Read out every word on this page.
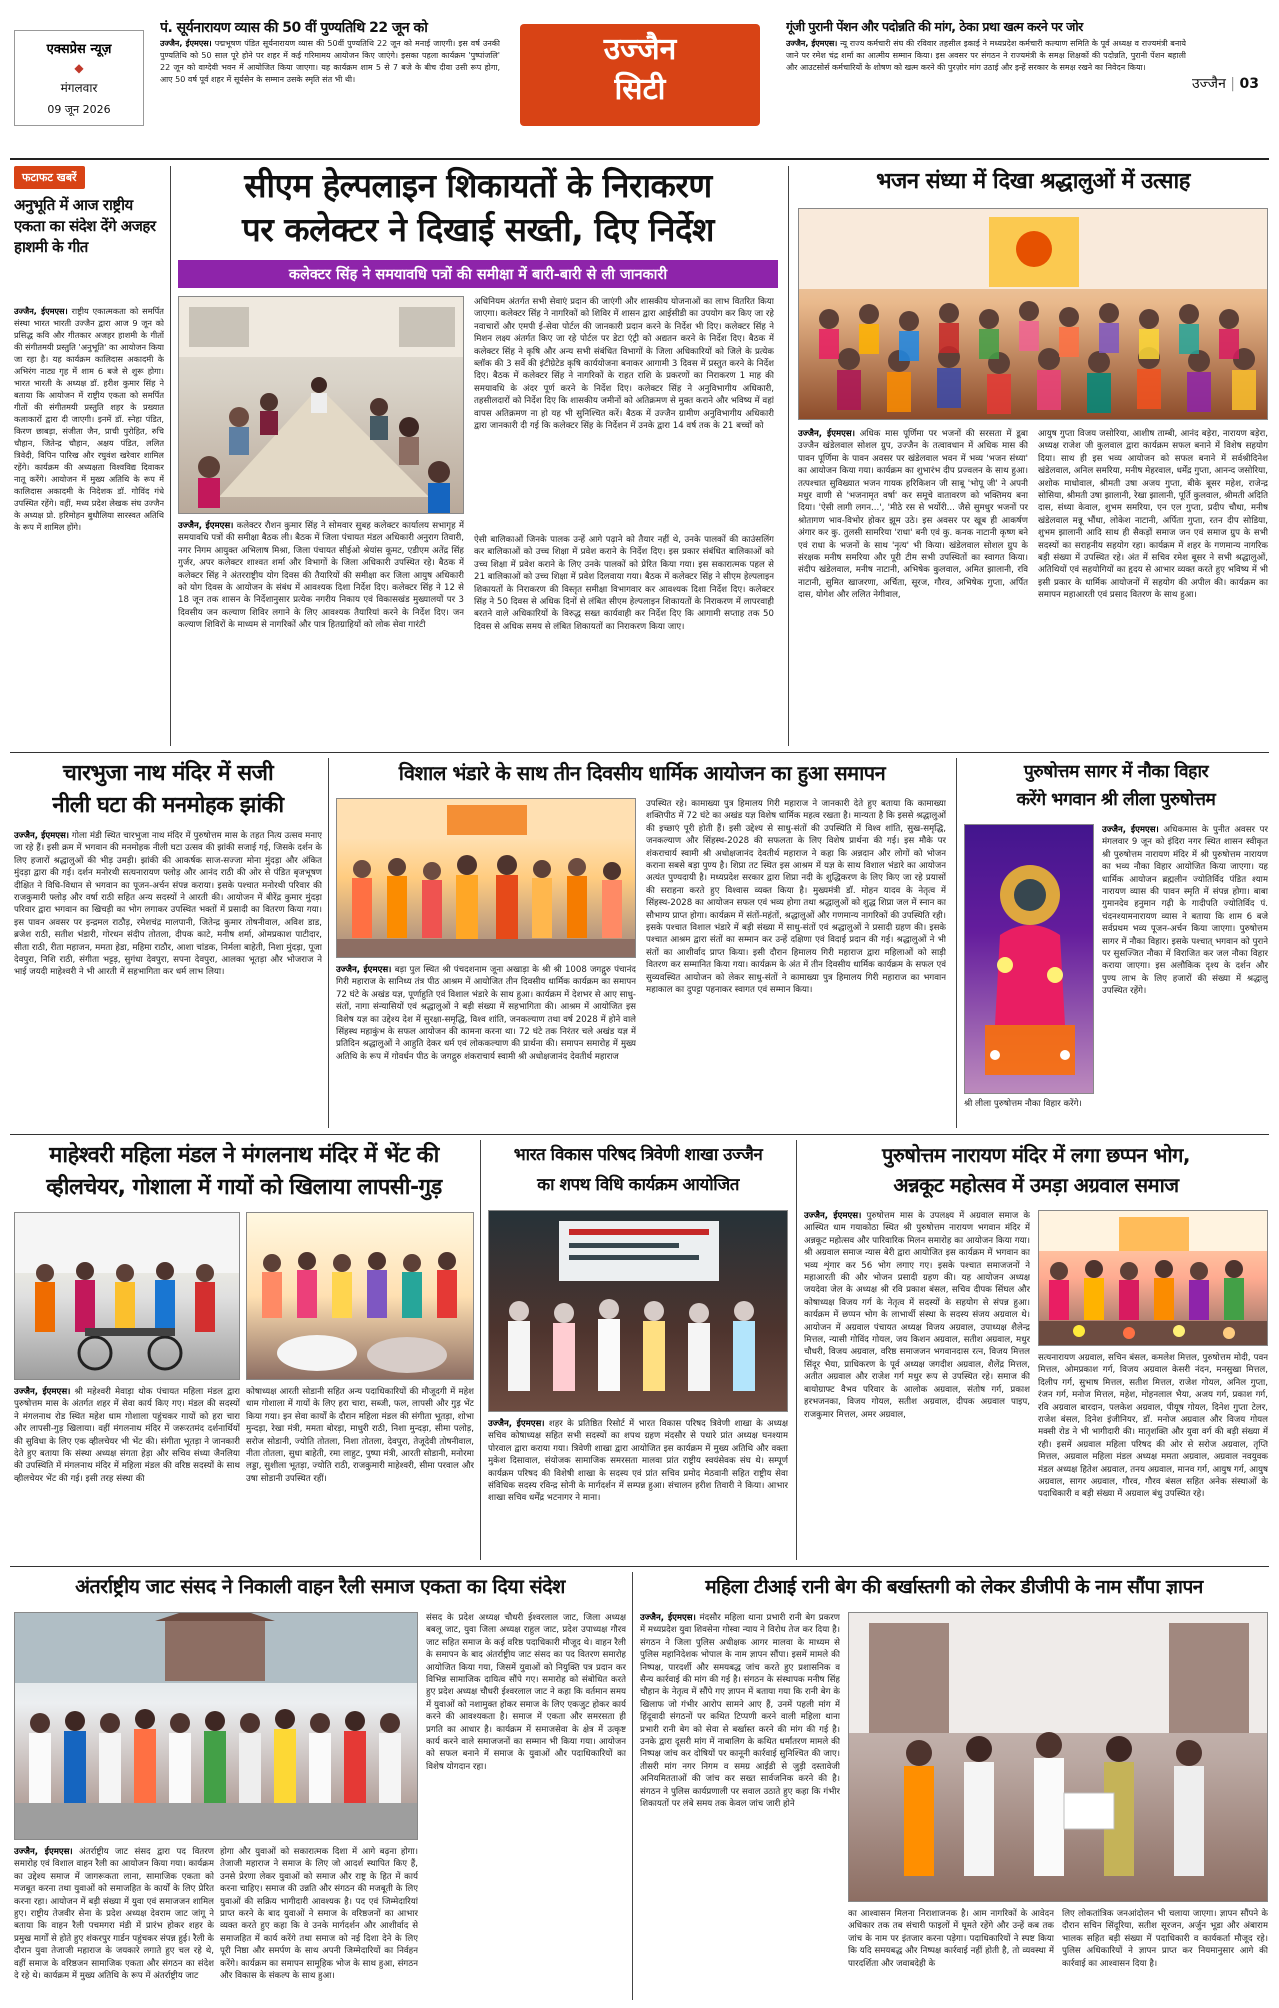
एक्सप्रेस न्यूज़
◆
मंगलवार
09 जून 2026
पं. सूर्यनारायण व्यास की 50 वीं पुण्यतिथि 22 जून को
उज्जैन, ईएमएस। पद्मभूषण पंडित सूर्यनारायण व्यास की 50वीं पुण्यतिथि 22 जून को मनाई जाएगी। इस वर्ष उनकी पुण्यतिथि को 50 साल पूरे होने पर शहर में कई गरिमामय आयोजन किए जाएंगे। इसका पहला कार्यक्रम 'पुष्पांजलि' 22 जून को वाग्देवी भवन में आयोजित किया जाएगा। यह कार्यक्रम शाम 5 से 7 बजे के बीच दीवा उसी रूप होगा, आए 50 वर्ष पूर्व शहर में सूर्यसेन के सम्मान उसके स्मृति संत भी थी।
उज्जैन
सिटी
गूंजी पुरानी पेंशन और पदोन्नति की मांग, ठेका प्रथा खत्म करने पर जोर
उज्जैन, ईएमएस। न्यू राज्य कर्मचारी संघ की रविवार तहसील इकाई ने मध्यप्रदेश कर्मचारी कल्याण समिति के पूर्व अध्यक्ष व राज्यमंत्री बनाये जाने पर रमेश चंद्र शर्मा का आत्मीय सम्मान किया। इस अवसर पर संगठन ने राज्यमंत्री के समक्ष शिक्षकों की पदोन्नति, पुरानी पेंशन बहाली और आउटसोर्स कर्मचारियों के शोषण को खत्म करने की पुरज़ोर मांग उठाई और इन्हें सरकार के समक्ष रखने का निवेदन किया।
उज्जैन | 03
फटाफट खबरें
अनुभूति में आज राष्ट्रीय एकता का संदेश देंगे अजहर हाशमी के गीत
उज्जैन, ईएमएस। राष्ट्रीय एकात्मकता को समर्पित संस्था भारत भारती उज्जैन द्वारा आज 9 जून को प्रसिद्ध कवि और गीतकार अजहर हाशमी के गीतों की संगीतमयी प्रस्तुति 'अनुभूति' का आयोजन किया जा रहा है। यह कार्यक्रम कालिदास अकादमी के अभिरंग नाट्य गृह में शाम 6 बजे से शुरू होगा। भारत भारती के अध्यक्ष डॉ. हरीश कुमार सिंह ने बताया कि आयोजन में राष्ट्रीय एकता को समर्पित गीतों की संगीतमयी प्रस्तुति शहर के प्रख्यात कलाकारों द्वारा दी जाएगी। इनमें डॉ. स्नेहा पंडित, किरण छाबड़ा, संजीता जैन, प्राची पुरोहित, रुचि चौहान, जितेन्द्र चौहान, अक्षय पंडित, ललित त्रिवेदी, विपिन पारिख और रघुवंश खरेवार शामिल रहेंगे। कार्यक्रम की अध्यक्षता विश्वविद्य दिवाकर नातू करेंगे। आयोजन में मुख्य अतिथि के रूप में कालिदास अकादमी के निदेशक डॉ. गोविंद गंधे उपस्थित रहेंगे। वहीं, मध्य प्रदेश लेखक संघ उज्जैन के अध्यक्ष प्रो. हरिमोहन बुधौलिया सारस्वत अतिथि के रूप में शामिल होंगे।
सीएम हेल्पलाइन शिकायतों के निराकरण
पर कलेक्टर ने दिखाई सख्ती, दिए निर्देश
कलेक्टर सिंह ने समयावधि पत्रों की समीक्षा में बारी-बारी से ली जानकारी
उज्जैन, ईएमएस। कलेक्टर रौशन कुमार सिंह ने सोमवार सुबह कलेक्टर कार्यालय सभागृह में समयावधि पत्रों की समीक्षा बैठक ली। बैठक में जिला पंचायत मंडल अधिकारी अनुराग तिवारी, नगर निगम आयुक्त अभिलाष मिश्रा, जिला पंचायत सीईओ श्रेयांस कूमट, एडीएम अतेंद्र सिंह गुर्जर, अपर कलेक्टर शाश्वत शर्मा और विभागों के जिला अधिकारी उपस्थित रहे। बैठक में कलेक्टर सिंह ने अंतरराष्ट्रीय योग दिवस की तैयारियों की समीक्षा कर जिला आयुष अधिकारी को योग दिवस के आयोजन के संबंध में आवश्यक दिशा निर्देश दिए। कलेक्टर सिंह ने 12 से 18 जून तक शासन के निर्देशानुसार प्रत्येक नगरीय निकाय एवं विकासखंड मुख्यालयों पर 3 दिवसीय जन कल्याण शिविर लगाने के लिए आवश्यक तैयारियां करने के निर्देश दिए। जन कल्याण शिविरों के माध्यम से नागरिकों और पात्र हितग्राहियों को लोक सेवा गारंटी
अधिनियम अंतर्गत सभी सेवाएं प्रदान की जाएंगी और शासकीय योजनाओं का लाभ वितरित किया जाएगा। कलेक्टर सिंह ने नागरिकों को शिविर में शासन द्वारा आईसीडी का उपयोग कर किए जा रहे नवाचारों और एमपी ई-सेवा पोर्टल की जानकारी प्रदान करने के निर्देश भी दिए। कलेक्टर सिंह ने मिशन लक्ष्य अंतर्गत किए जा रहे पोर्टल पर डेटा एंट्री को अद्यतन करने के निर्देश दिए। बैठक में कलेक्टर सिंह ने कृषि और अन्य सभी संबंधित विभागों के जिला अधिकारियों को जिले के प्रत्येक ब्लॉक की 3 सर्वे की इंटीग्रेटेड कृषि कार्ययोजना बनाकर आगामी 3 दिवस में प्रस्तुत करने के निर्देश दिए। बैठक में कलेक्टर सिंह ने नागरिकों के राहत राशि के प्रकरणों का निराकरण 1 माह की समयावधि के अंदर पूर्ण करने के निर्देश दिए। कलेक्टर सिंह ने अनुविभागीय अधिकारी, तहसीलदारों को निर्देश दिए कि शासकीय जमीनों को अतिक्रमण से मुक्त कराने और भविष्य में वहां वापस अतिक्रमण ना हो यह भी सुनिश्चित करें। बैठक में उज्जैन ग्रामीण अनुविभागीय अधिकारी द्वारा जानकारी दी गई कि कलेक्टर सिंह के निर्देशन में उनके द्वारा 14 वर्ष तक के 21 बच्चों को
ऐसी बालिकाओं जिनके पालक उन्हें आगे पढ़ाने को तैयार नहीं थे, उनके पालकों की काउंसलिंग कर बालिकाओं को उच्च शिक्षा में प्रवेश कराने के निर्देश दिए। इस प्रकार संबंधित बालिकाओं को उच्च शिक्षा में प्रवेश कराने के लिए उनके पालकों को प्रेरित किया गया। इस सकारात्मक पहल से 21 बालिकाओं को उच्च शिक्षा में प्रवेश दिलवाया गया। बैठक में कलेक्टर सिंह ने सीएम हेल्पलाइन शिकायतों के निराकरण की विस्तृत समीक्षा विभागवार कर आवश्यक दिशा निर्देश दिए। कलेक्टर सिंह ने 50 दिवस से अधिक दिनों से लंबित सीएम हेल्पलाइन शिकायतों के निराकरण में लापरवाही बरतने वाले अधिकारियों के विरुद्ध सख्त कार्यवाही कर निर्देश दिए कि आगामी सप्ताह तक 50 दिवस से अधिक समय से लंबित शिकायतों का निराकरण किया जाए।
भजन संध्या में दिखा श्रद्धालुओं में उत्साह
उज्जैन, ईएमएस। अधिक मास पूर्णिमा पर भजनों की सरसता में डूबा उज्जैन खंडेलवाल सोशल ग्रुप, उज्जैन के तत्वावधान में अधिक मास की पावन पूर्णिमा के पावन अवसर पर खंडेलवाल भवन में भव्य 'भजन संध्या' का आयोजन किया गया। कार्यक्रम का शुभारंभ दीप प्रज्वलन के साथ हुआ। तत्पश्चात सुविख्यात भजन गायक हरिकिशन जी साबू 'भोपू जी' ने अपनी मधुर वाणी से 'भजनामृत वर्षा' कर समूचे वातावरण को भक्तिमय बना दिया। 'ऐसी लागी लगन...', 'मीठे रस से भर्योरी... जैसे सुमधुर भजनों पर श्रोतागण भाव-विभोर होकर झूम उठे। इस अवसर पर खूब ही आकर्षण अंगार कर कु. तुलसी सामरिया 'राधा' बनी एवं कु. कनक नाटानी कृष्ण बने एवं राधा के भजनों के साथ 'नृत्य' भी किया। खंडेलवाल सोशल ग्रुप के संरक्षक मनीष समरिया और पूरी टीम सभी उपस्थितों का स्वागत किया। संदीप खंडेलवाल, मनीष नाटानी, अभिषेक कुलवाल, अमित झालानी, रवि नाटानी, सुमित खाजरणा, अर्चिता, सूरज, गौरव, अभिषेक गुप्ता, अर्पित दास, योगेश और ललित नेगीवाल,
आयुष गुप्ता विजय जसोरिया, आशीष ताम्बी, आनंद बड़ेरा, नारायण बड़ेरा, अध्यक्ष राजेश जी कुलवाल द्वारा कार्यक्रम सफल बनाने में विशेष सहयोग दिया। साथ ही इस भव्य आयोजन को सफल बनाने में सर्वश्रीदिनेश खंडेलवाल, अनिल समरिया, मनीष मेहरवाल, धर्मेंद्र गुप्ता, आनन्द जसोरिया, अशोक माधोवाल, श्रीमती उषा अजय गुप्ता, बीके बूसर महेश, राजेन्द्र सोसिया, श्रीमती उषा झालानी, रेखा झालानी, पूर्ति कुलवाल, श्रीमती अदिति दास, संध्या केवाल, शुभम समरिया, एन एल गुप्ता, प्रदीप चौधा, मनीष खंडेलवाल मन्नू भौंधा, लोकेश नाटानी, अर्पिता गुप्ता, रतन दीप सोडिया, शुभम झालानी आदि साथ ही सैकड़ों समाज जन एवं समाज ग्रुप के सभी सदस्यों का सराहनीय सहयोग रहा। कार्यक्रम में शहर के गणमान्य नागरिक बड़ी संख्या में उपस्थित रहे। अंत में सचिव रमेश बूसर ने सभी श्रद्धालुओं, अतिथियों एवं सहयोगियों का हृदय से आभार व्यक्त करते हुए भविष्य में भी इसी प्रकार के धार्मिक आयोजनों में सहयोग की अपील की। कार्यक्रम का समापन महाआरती एवं प्रसाद वितरण के साथ हुआ।
चारभुजा नाथ मंदिर में सजी
नीली घटा की मनमोहक झांकी
उज्जैन, ईएमएस। गोला मंडी स्थित चारभुजा नाथ मंदिर में पुरुषोत्तम मास के तहत नित्य उत्सव मनाए जा रहे हैं। इसी क्रम में भगवान की मनमोहक नीली घटा उत्सव की झांकी सजाई गई, जिसके दर्शन के लिए हजारों श्रद्धालुओं की भीड़ उमड़ी। झांकी की आकर्षक साज-सज्जा मोना मुंदड़ा और अंकित मुंदड़ा द्वारा की गई। दर्शन मनोरथी सत्यनारायण फ्लोड़ और आनंद राठी की ओर से पंडित बृजभूषण दीक्षित ने विधि-विधान से भगवान का पूजन-अर्चन संपन्न कराया। इसके पश्चात मनोरथी परिवार की राजकुमारी फ्लोड़ और वर्षा राठी सहित अन्य सदस्यों ने आरती की। आयोजन में बीरेंद्र कुमार मुंदड़ा परिवार द्वारा भगवान का खिचड़ी का भोग लगाकर उपस्थित भक्तों में प्रसादी का वितरण किया गया। इस पावन अवसर पर इन्द्रमल राठौड़, रमेशचंद्र मालपानी, जितेन्द्र कुमार तोषनीवाल, अविश डाड, ब्रजेश राठी, सतीश भंडारी, गोरधन संदीप तोतला, दीपक काटे, मनीष शर्मा, ओमप्रकाश पाटीदार, सीता राठी, रीता महाजन, ममता हेडा, महिमा राठौर, आशा चांडक, निर्मला बाहेती, निशा मुंदड़ा, पूजा देवपुरा, निशि राठी, संगीता भट्टड़, सुगंधा देवपुरा, सपना देवपुरा, आलका भूतड़ा और भोजराज ने भाई जयदी माहेश्वरी ने भी आरती में सहभागिता कर धर्म लाभ लिया।
विशाल भंडारे के साथ तीन दिवसीय धार्मिक आयोजन का हुआ समापन
उज्जैन, ईएमएस। बड़ा पुल स्थित श्री पंचदशनाम जूना अखाड़ा के श्री श्री 1008 जगद्गुरु पंचानंद गिरी महाराज के सानिध्य तंत्र पीठ आश्रम में आयोजित तीन दिवसीय धार्मिक कार्यक्रम का समापन 72 घंटे के अखंड यज्ञ, पूर्णाहुति एवं विशाल भंडारे के साथ हुआ। कार्यक्रम में देशभर से आए साधु-संतों, नागा संन्यासियों एवं श्रद्धालुओं ने बड़ी संख्या में सहभागिता की। आश्रम में आयोजित इस विशेष यज्ञ का उद्देश्य देश में सुरक्षा-समृद्धि, विश्व शांति, जनकल्याण तथा वर्ष 2028 में होने वाले सिंहस्थ महाकुंभ के सफल आयोजन की कामना करना था। 72 घंटे तक निरंतर चले अखंड यज्ञ में प्रतिदिन श्रद्धालुओं ने आहुति देकर धर्म एवं लोककल्याण की प्रार्थना की। समापन समारोह में मुख्य अतिथि के रूप में गोवर्धन पीठ के जगद्गुरु शंकराचार्य स्वामी श्री अधोक्षजानंद देवतीर्थ महाराज
उपस्थित रहे। कामाख्या पुत्र हिमालय गिरी महाराज ने जानकारी देते हुए बताया कि कामाख्या शक्तिपीठ में 72 घंटे का अखंड यज्ञ विशेष धार्मिक महत्व रखता है। मान्यता है कि इससे श्रद्धालुओं की इच्छाएं पूरी होती हैं। इसी उद्देश्य से साधु-संतों की उपस्थिति में विश्व शांति, सुख-समृद्धि, जनकल्याण और सिंहस्थ-2028 की सफलता के लिए विशेष प्रार्थना की गई। इस मौके पर शंकराचार्य स्वामी श्री अधोक्षजानंद देवतीर्थ महाराज ने कहा कि अन्नदान और लोगों को भोजन कराना सबसे बड़ा पुण्य है। शिप्रा तट स्थित इस आश्रम में यज्ञ के साथ विशाल भंडारे का आयोजन अत्यंत पुण्यदायी है। मध्यप्रदेश सरकार द्वारा शिप्रा नदी के शुद्धिकरण के लिए किए जा रहे प्रयासों की सराहना करते हुए विश्वास व्यक्त किया है। मुख्यमंत्री डॉ. मोहन यादव के नेतृत्व में सिंहस्थ-2028 का आयोजन सफल एवं भव्य होगा तथा श्रद्धालुओं को शुद्ध शिप्रा जल में स्नान का सौभाग्य प्राप्त होगा। कार्यक्रम में संतों-महंतों, श्रद्धालुओं और गणमान्य नागरिकों की उपस्थिति रही। इसके पश्चात विशाल भंडारे में बड़ी संख्या में साधु-संतों एवं श्रद्धालुओं ने प्रसादी ग्रहण की। इसके पश्चात आश्रम द्वारा संतों का सम्मान कर उन्हें दक्षिणा एवं विदाई प्रदान की गई। श्रद्धालुओं ने भी संतों का आशीर्वाद प्राप्त किया। इसी दौरान हिमालय गिरी महाराज द्वारा महिलाओं को साड़ी वितरण कर सम्मानित किया गया। कार्यक्रम के अंत में तीन दिवसीय धार्मिक कार्यक्रम के सफल एवं सुव्यवस्थित आयोजन को लेकर साधु-संतों ने कामाख्या पुत्र हिमालय गिरी महाराज का भगवान महाकाल का दुपट्टा पहनाकर स्वागत एवं सम्मान किया।
पुरुषोत्तम सागर में नौका विहार
करेंगे भगवान श्री लीला पुरुषोत्तम
उज्जैन, ईएमएस। अधिकमास के पुनीत अवसर पर मंगलवार 9 जून को इंदिरा नगर स्थित शासन स्वीकृत श्री पुरुषोत्तम नारायण मंदिर में श्री पुरुषोत्तम नारायण का भव्य नौका विहार आयोजित किया जाएगा। यह धार्मिक आयोजन ब्रह्मलीन ज्योतिर्विद पंडित श्याम नारायण व्यास की पावन स्मृति में संपन्न होगा। बाबा गुमानदेव हनुमान गढ़ी के गादीपति ज्योतिर्विद पं. चंदनश्यामनारायण व्यास ने बताया कि शाम 6 बजे सर्वप्रथम भव्य पूजन-अर्चन किया जाएगा। पुरुषोत्तम सागर में नौका विहार। इसके पश्चात् भगवान को पुराने पर सुसज्जित नौका में विराजित कर जल नौका विहार कराया जाएगा। इस अलौकिक दृश्य के दर्शन और पुण्य लाभ के लिए हजारों की संख्या में श्रद्धालु उपस्थित रहेंगे।
श्री लीला पुरुषोत्तम नौका विहार करेंगे।
माहेश्वरी महिला मंडल ने मंगलनाथ मंदिर में भेंट की
व्हीलचेयर, गोशाला में गायों को खिलाया लापसी-गुड़
उज्जैन, ईएमएस। श्री महेश्वरी मेवाड़ा थोक पंचायत महिला मंडल द्वारा पुरुषोत्तम मास के अंतर्गत शहर में सेवा कार्य किए गए। मंडल की सदस्यों ने मंगलनाथ रोड स्थित महेश धाम गोशाला पहुंचकर गायों को हरा चारा और लापसी-गुड़ खिलाया। वहीं मंगलनाथ मंदिर में जरूरतमंद दर्शनार्थियों की सुविधा के लिए एक व्हीलचेयर भी भेंट की। संगीता भूतड़ा ने जानकारी देते हुए बताया कि संस्था अध्यक्ष संगता हेड़ा और सचिव संध्या जैनलिया की उपस्थिति में मंगलनाथ मंदिर में महिला मंडल की वरिष्ठ सदस्यों के साथ व्हीलचेयर भेंट की गई। इसी तरह संस्था की
कोषाध्यक्ष आरती सोडानी सहित अन्य पदाधिकारियों की मौजूदगी में महेश धाम गोशाला में गायों के लिए हरा चारा, सब्जी, फल, लापसी और गुड़ भेंट किया गया। इन सेवा कार्यों के दौरान महिला मंडल की संगीता भूतड़ा, शोभा मुन्दड़ा, रेखा मंत्री, ममता बोरड़ा, माधुरी राठी, निशा मुन्दड़ा, सीमा पलोड़, सरोज सोडानी, ज्योति तोतला, निशा तोतला, देवपुरा, तेजूदेवी तोषनीवाल, नीता तोतला, सुधा बाहेती, रमा लाहुट, पुष्पा मंत्री, आरती सोडानी, मनोरमा लड्डा, सुशीला भूतड़ा, ज्योति राठी, राजकुमारी माहेश्वरी, सीमा परवाल और उषा सोडानी उपस्थित रहीं।
भारत विकास परिषद त्रिवेणी शाखा उज्जैन
का शपथ विधि कार्यक्रम आयोजित
उज्जैन, ईएमएस। शहर के प्रतिष्ठित रिसोर्ट में भारत विकास परिषद त्रिवेणी शाखा के अध्यक्ष सचिव कोषाध्यक्ष सहित सभी सदस्यों का शपथ ग्रहण मंदसौर से पधारे प्रांत अध्यक्ष घनश्याम पोरवाल द्वारा कराया गया। त्रिवेणी शाखा द्वारा आयोजित इस कार्यक्रम में मुख्य अतिथि और वक्ता मुकेश दिसावाल, संयोजक सामाजिक समरसता मालवा प्रांत राष्ट्रीय स्वयंसेवक संघ थे। सम्पूर्ण कार्यक्रम परिषद की विशेषी शाखा के सदस्य एवं प्रांत सचिव प्रमोद मेठवानी सहित राष्ट्रीय सेवा संविधिक सदस्य रविन्द्र सोनी के मार्गदर्शन में सम्पन्न हुआ। संचालन हरीश तिवारी ने किया। आभार शाखा सचिव धर्मेंद्र भटनागर ने माना।
पुरुषोत्तम नारायण मंदिर में लगा छप्पन भोग,
अन्नकूट महोत्सव में उमड़ा अग्रवाल समाज
उज्जैन, ईएमएस। पुरुषोत्तम मास के उपलक्ष्य में अग्रवाल समाज के आस्थित धाम गयाकोठा स्थित श्री पुरुषोत्तम नारायण भगवान मंदिर में अन्नकूट महोत्सव और पारिवारिक मिलन समारोह का आयोजन किया गया। श्री अग्रवाल समाज न्यास बेरी द्वारा आयोजित इस कार्यक्रम में भगवान का भव्य शृंगार कर 56 भोग लगाए गए। इसके पश्चात समाजजनों ने महाआरती की और भोजन प्रसादी ग्रहण की। यह आयोजन अध्यक्ष जयदेवा जेल के अध्यक्ष श्री रवि प्रकाश बंसल, सचिव दीपक सिंघल और कोषाध्यक्ष विजय गर्ग के नेतृत्व में सदस्यों के सहयोग से संपन्न हुआ। कार्यक्रम में छप्पन भोग के लाभार्थी संस्था के सदस्य संजय अग्रवाल थे। आयोजन में अग्रवाल पंचायत अध्यक्ष विजय अग्रवाल, उपाध्यक्ष शैलेन्द्र मित्तल, न्यासी गोविंद गोयल, जय किशन अग्रवाल, सतीश अग्रवाल, मधुर चौधरी, विजय अग्रवाल, वरिष्ठ समाजजन भगवानदास रत्न, विजय मित्तल सिंदूर भैया, प्राधिकरण के पूर्व अध्यक्ष जगदीश अग्रवाल, शैलेंद्र मित्तल, अतीत अग्रवाल और राजेश गर्ग मधुर रूप से उपस्थित रहे। समाज की बायोग्राफ्ट वैभव परिवार के आलोक अग्रवाल, संतोष गर्ग, प्रकाश हरभजनका, विजय गोयल, सतीश अग्रवाल, दीपक अग्रवाल पाइप, राजकुमार मित्तल, अमर अग्रवाल,
सत्यनारायण अग्रवाल, सचिन बंसल, कमलेश मित्तल, पुरुषोत्तम मोदी, पवन मित्तल, ओमप्रकाश गर्ग, विजय अग्रवाल केसरी नंदन, मनसुखा मित्तल, दिलीप गर्ग, सुभाष मित्तल, सतीश मित्तल, राजेश गोयल, अनिल गुप्ता, रंजन गर्ग, मनोज मित्तल, महेश, मोहनलाल भैया, अजय गर्ग, प्रकाश गर्ग, रवि अग्रवाल बारदान, पलकेश अग्रवाल, पीयूष गोयल, दिनेश गुप्ता टेलर, राजेश बंसल, दिनेश इंजीनियर, डॉ. मनोज अग्रवाल और विजय गोयल मक्सी रोड ने भी भागीदारी की। मातृशक्ति और युवा वर्ग की बड़ी संख्या में रही। इसमें अग्रवाल महिला परिषद की ओर से सरोज अग्रवाल, तृप्ति मित्तल, अग्रवाल महिला मंडल अध्यक्ष ममता अग्रवाल, अग्रवाल नवयुवक मंडल अध्यक्ष हितेश अग्रवाल, तनय अग्रवाल, मानव गर्ग, आयुष गर्ग, आयुष अग्रवाल, सागर अग्रवाल, गौरव, गौरव बंसल सहित अनेक संस्थाओं के पदाधिकारी व बड़ी संख्या में अग्रवाल बंधु उपस्थित रहे।
अंतर्राष्ट्रीय जाट संसद ने निकाली वाहन रैली समाज एकता का दिया संदेश
उज्जैन, ईएमएस। अंतर्राष्ट्रीय जाट संसद द्वारा पद वितरण समारोह एवं विशाल वाहन रैली का आयोजन किया गया। कार्यक्रम का उद्देश्य समाज में जागरूकता लाना, सामाजिक एकता को मजबूत करना तथा युवाओं को समाजहित के कार्यों के लिए प्रेरित करना रहा। आयोजन में बड़ी संख्या में युवा एवं समाजजन शामिल हुए। राष्ट्रीय तेजवीर सेना के प्रदेश अध्यक्ष देवराम जाट जांगू ने बताया कि वाहन रैली पचमगरा मंडी में प्रारंभ होकर शहर के प्रमुख मार्गों से होते हुए शंकरपुर गार्डन पहुंचकर संपन्न हुई। रैली के दौरान युवा तेजाजी महाराज के जयकारे लगाते हुए चल रहे थे, वहीं समाज के वरिष्ठजन सामाजिक एकता और संगठन का संदेश दे रहे थे। कार्यक्रम में मुख्य अतिथि के रूप में अंतर्राष्ट्रीय जाट
होगा और युवाओं को सकारात्मक दिशा में आगे बढ़ना होगा। तेजाजी महाराज ने समाज के लिए जो आदर्श स्थापित किए हैं, उनसे प्रेरणा लेकर युवाओं को समाज और राष्ट्र के हित में कार्य करना चाहिए। समाज की उन्नति और संगठन की मजबूती के लिए युवाओं की सक्रिय भागीदारी आवश्यक है। पद एवं जिम्मेदारियां प्राप्त करने के बाद युवाओं ने समाज के वरिष्ठजनों का आभार व्यक्त करते हुए कहा कि वे उनके मार्गदर्शन और आशीर्वाद से समाजहित में कार्य करेंगे तथा समाज को नई दिशा देने के लिए पूरी निष्ठा और समर्पण के साथ अपनी जिम्मेदारियों का निर्वहन करेंगे। कार्यक्रम का समापन सामूहिक भोज के साथ हुआ, संगठन और विकास के संकल्प के साथ हुआ।
संसद के प्रदेश अध्यक्ष चौधरी ईश्वरलाल जाट, जिला अध्यक्ष बबलू जाट, युवा जिला अध्यक्ष राहुल जाट, प्रदेश उपाध्यक्ष गौरव जाट सहित समाज के कई वरिष्ठ पदाधिकारी मौजूद थे। वाहन रैली के समापन के बाद अंतर्राष्ट्रीय जाट संसद का पद वितरण समारोह आयोजित किया गया, जिसमें युवाओं को नियुक्ति पत्र प्रदान कर विभिन्न सामाजिक दायित्व सौंपे गए। समारोह को संबोधित करते हुए प्रदेश अध्यक्ष चौधरी ईश्वरलाल जाट ने कहा कि वर्तमान समय में युवाओं को नशामुक्त होकर समाज के लिए एकजुट होकर कार्य करने की आवश्यकता है। समाज में एकता और समरसता ही प्रगति का आधार है। कार्यक्रम में समाजसेवा के क्षेत्र में उत्कृष्ट कार्य करने वाले समाजजनों का सम्मान भी किया गया। आयोजन को सफल बनाने में समाज के युवाओं और पदाधिकारियों का विशेष योगदान रहा।
महिला टीआई रानी बेग की बर्खास्तगी को लेकर डीजीपी के नाम सौंपा ज्ञापन
उज्जैन, ईएमएस। मंदसौर महिला थाना प्रभारी रानी बेग प्रकरण में मध्यप्रदेश युवा शिवसेना गोस्वा न्याय ने विरोध तेज कर दिया है। संगठन ने जिला पुलिस अधीक्षक आगर मालवा के माध्यम से पुलिस महानिदेशक भोपाल के नाम ज्ञापन सौंपा। इसमें मामले की निष्पक्ष, पारदर्शी और समयबद्ध जांच करते हुए प्रशासनिक व सैन्य कार्रवाई की मांग की गई है। संगठन के संस्थापक मनीष सिंह चौहान के नेतृत्व में सौंपे गए ज्ञापन में बताया गया कि रानी बेग के खिलाफ जो गंभीर आरोप सामने आए हैं, उनमें पहली मांग में हिंदूवादी संगठनों पर कथित टिप्पणी करने वाली महिला थाना प्रभारी रानी बेग को सेवा से बर्खास्त करने की मांग की गई है। उनके द्वारा दूसरी मांग में नाबालिग के कथित धर्मांतरण मामले की निष्पक्ष जांच कर दोषियों पर कानूनी कार्रवाई सुनिश्चित की जाए। तीसरी मांग नगर निगम व समग्र आईडी से जुड़ी दस्तावेजी अनियमितताओं की जांच कर सख्त सार्वजनिक करने की है। संगठन ने पुलिस कार्यप्रणाली पर सवाल उठाते हुए कहा कि गंभीर शिकायतों पर लंबे समय तक केवल जांच जारी होने
का आश्वासन मिलना निराशाजनक है। आम नागरिकों के आवेदन अधिकार तक तब संचारी फाइलों में घूमते रहेंगे और उन्हें कब तक जांच के नाम पर इंतजार करना पड़ेगा। पदाधिकारियों ने स्पष्ट किया कि यदि समयबद्ध और निष्पक्ष कार्रवाई नहीं होती है, तो व्यवस्था में पारदर्शिता और जवाबदेही के
लिए लोकतांत्रिक जनआंदोलन भी चलाया जाएगा। ज्ञापन सौंपने के दौरान सचिन सिंदूरिया, सतीश सूरजन, अर्जुन भूडा और अंबाराम भालक सहित बड़ी संख्या में पदाधिकारी व कार्यकर्ता मौजूद रहे। पुलिस अधिकारियों ने ज्ञापन प्राप्त कर नियमानुसार आगे की कार्रवाई का आश्वासन दिया है।
